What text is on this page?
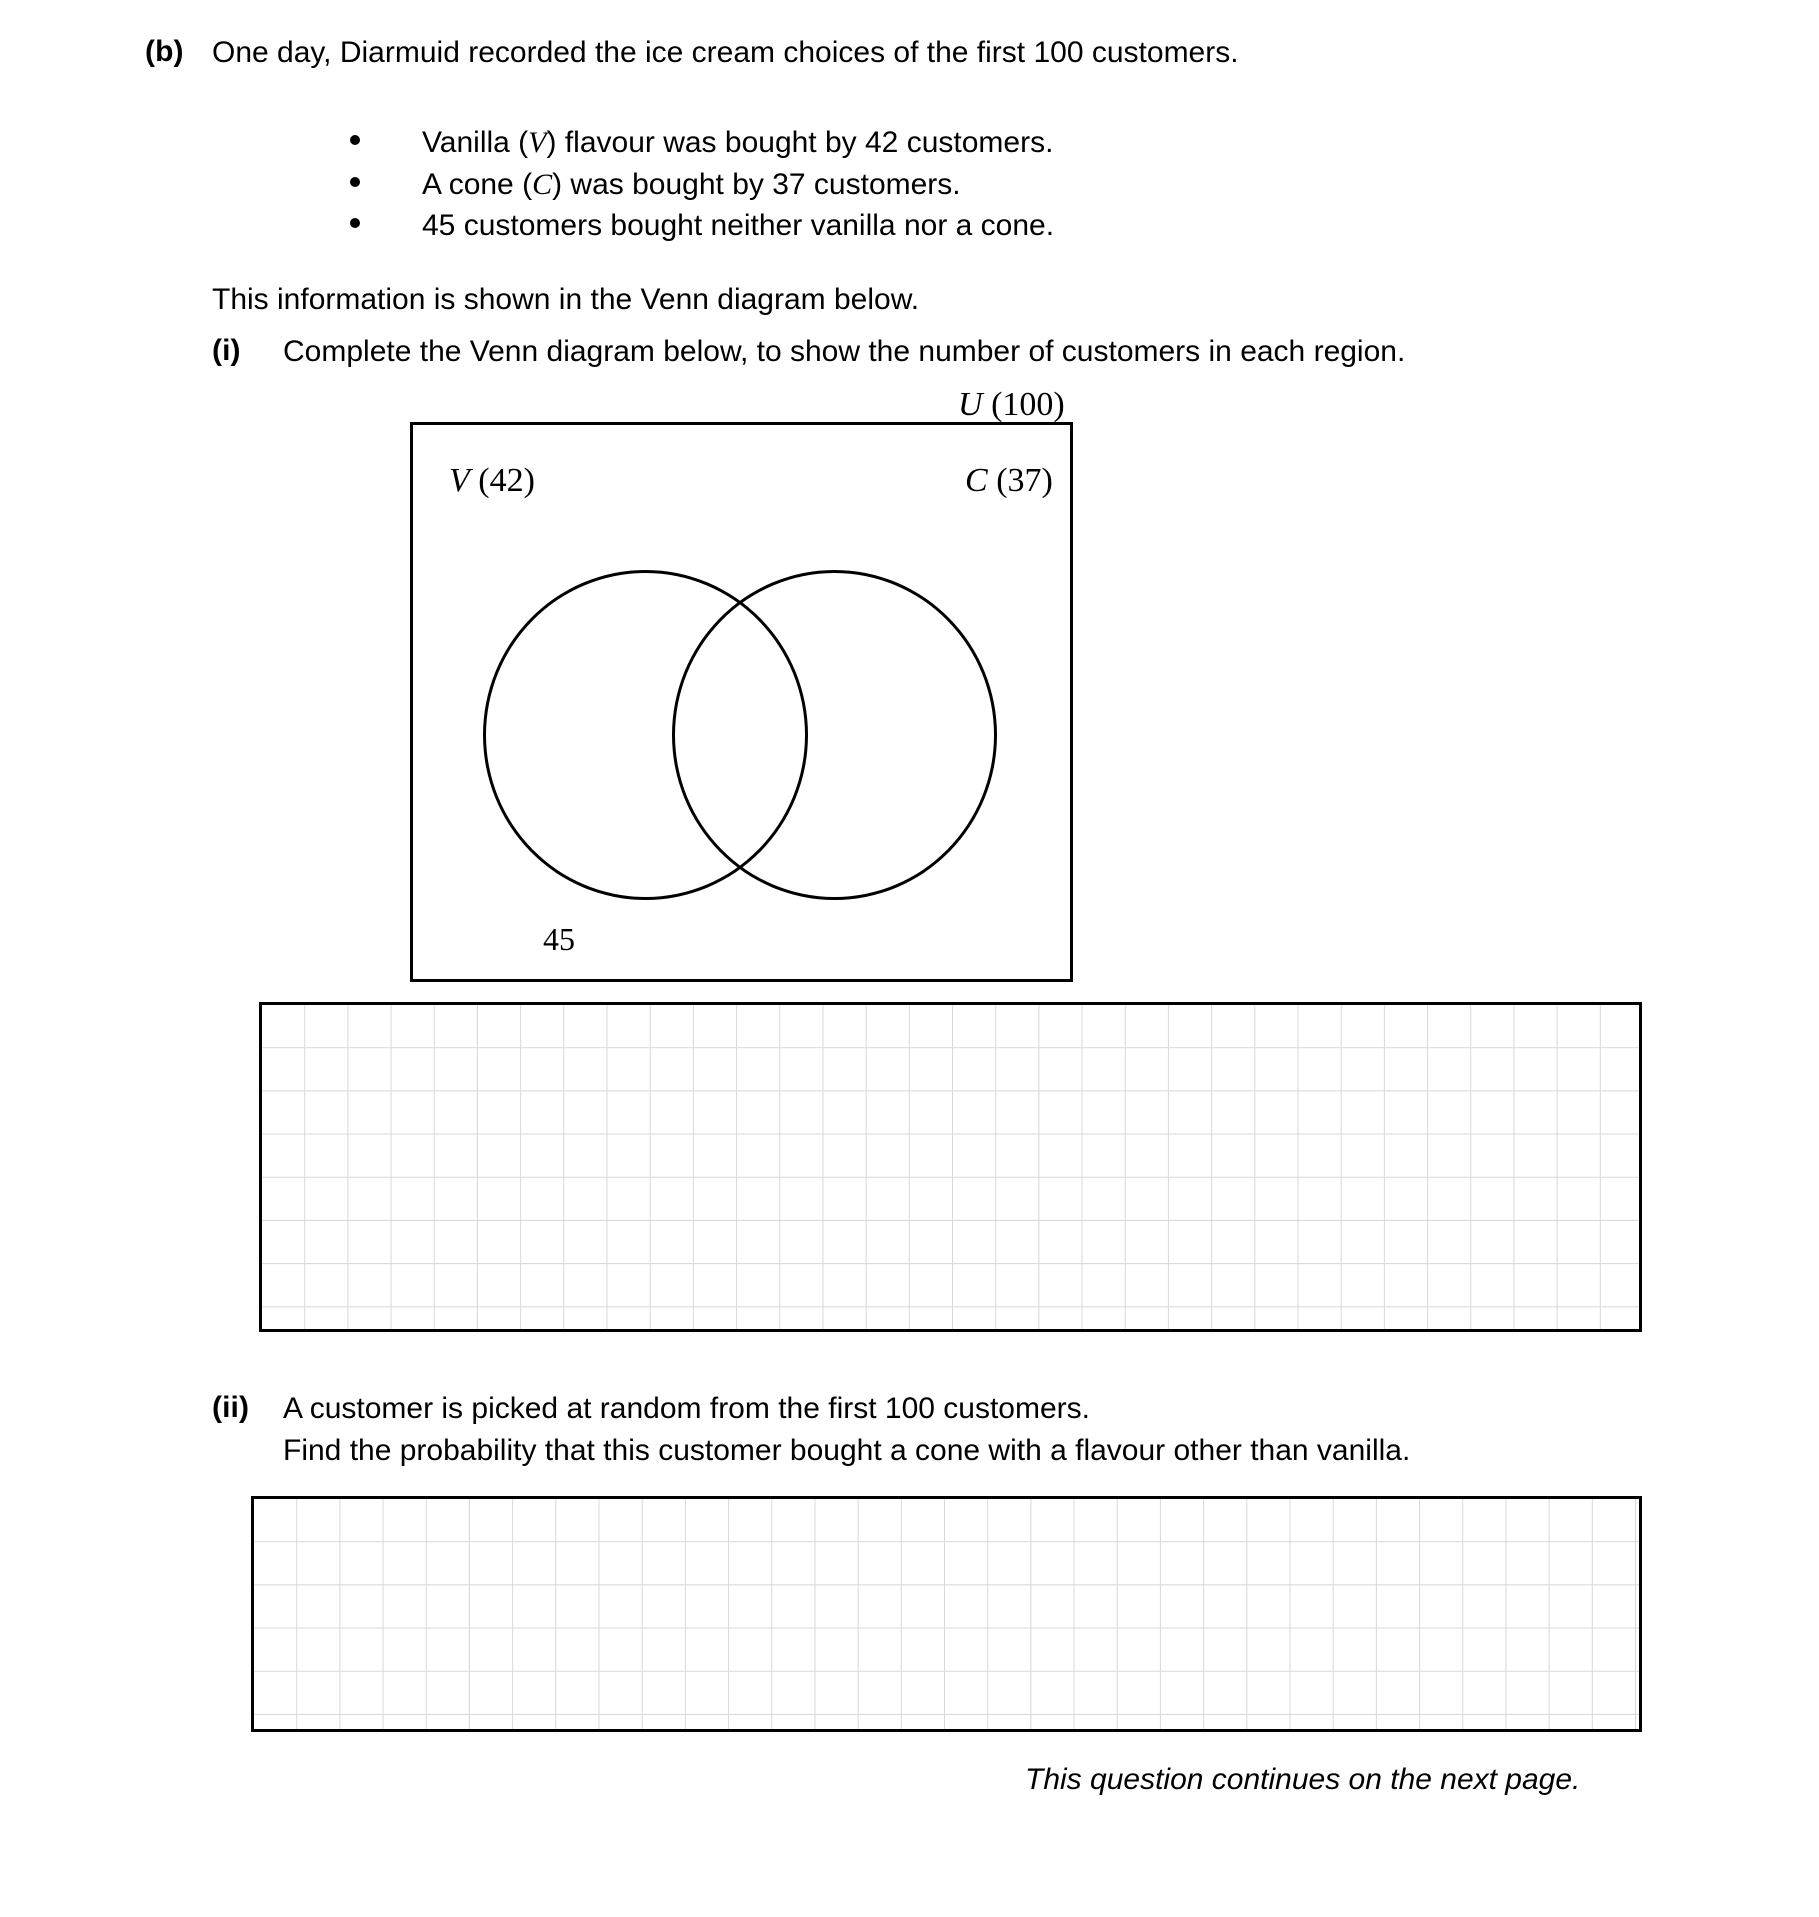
(b) One day, Diarmuid recorded the ice cream choices of the first 100 customers.
Vanilla (V) flavour was bought by 42 customers.
A cone (C) was bought by 37 customers.
45 customers bought neither vanilla nor a cone.
This information is shown in the Venn diagram below.
(i) Complete the Venn diagram below, to show the number of customers in each region.
U (100)
V (42)	C (37)
45
(ii) A customer is picked at random from the first 100 customers.
Find the probability that this customer bought a cone with a flavour other than vanilla.
This question continues on the next page.
